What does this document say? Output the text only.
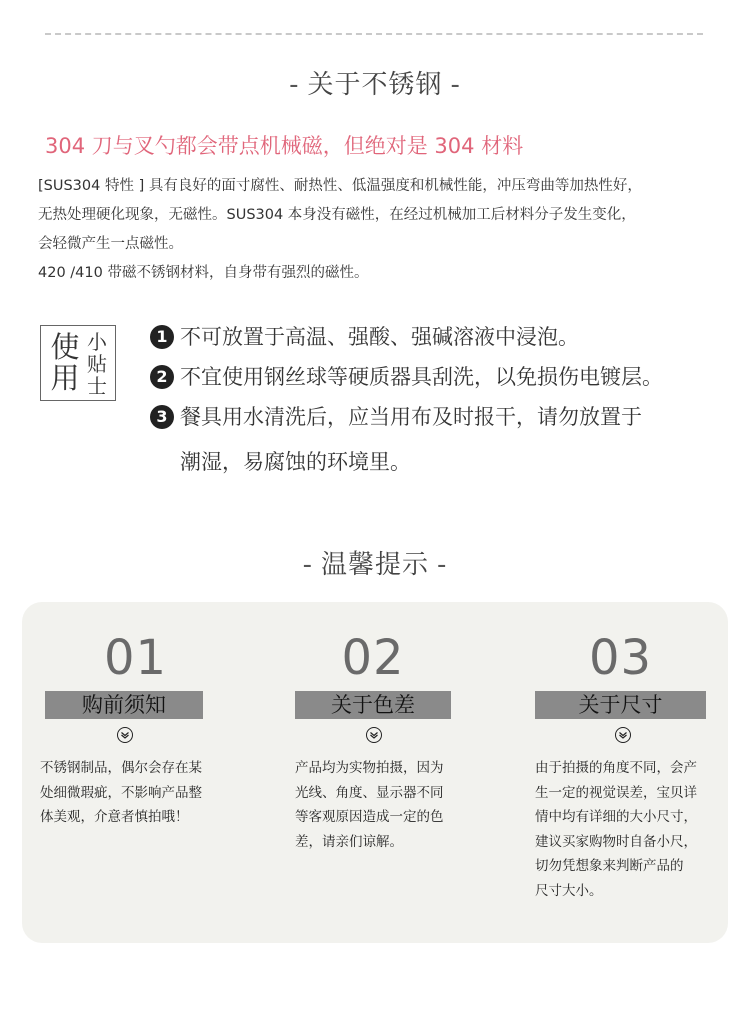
- 关于不锈钢 -
304 刀与叉勺都会带点机械磁，但绝对是 304 材料

[SUS304 特性 ] 具有良好的面寸腐性、耐热性、低温强度和机械性能，冲压弯曲等加热性好，

无热处理硬化现象，无磁性。SUS304 本身没有磁性，在经过机械加工后材料分子发生变化，

会轻微产生一点磁性。

420 /410 带磁不锈钢材料，自身带有强烈的磁性。

使
用
小
贴
士
1 不可放置于高温、强酸、强碱溶液中浸泡。
2 不宜使用钢丝球等硬质器具刮洗，以免损伤电镀层。
3 餐具用水清洗后，应当用布及时报干，请勿放置于
潮湿，易腐蚀的环境里。
- 温馨提示 -
01
购前须知

不锈钢制品，偶尔会存在某

处细微瑕疵，不影响产品整

体美观，介意者慎拍哦！

02
关于色差

产品均为实物拍摄，因为

光线、角度、显示器不同

等客观原因造成一定的色

差，请亲们谅解。

03
关于尺寸

由于拍摄的角度不同，会产

生一定的视觉误差，宝贝详

情中均有详细的大小尺寸，

建议买家购物时自备小尺，

切勿凭想象来判断产品的

尺寸大小。
